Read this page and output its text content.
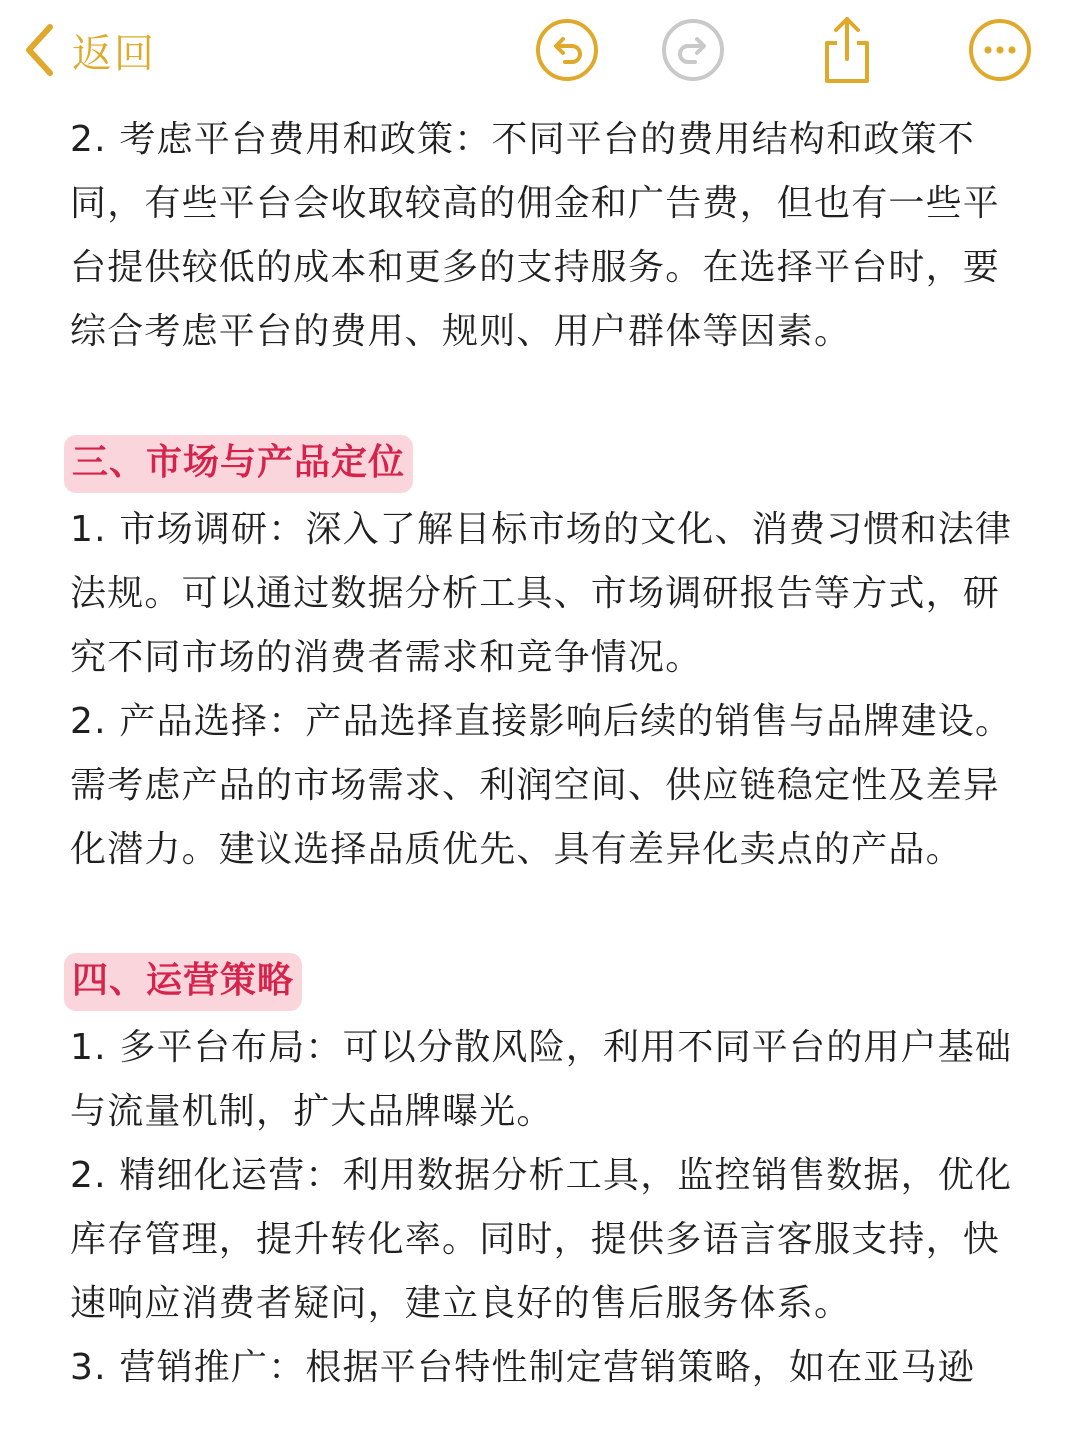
返回

2. 考虑平台费用和政策：不同平台的费用结构和政策不同，有些平台会收取较高的佣金和广告费，但也有一些平台提供较低的成本和更多的支持服务。在选择平台时，要综合考虑平台的费用、规则、用户群体等因素。

三、市场与产品定位

1. 市场调研：深入了解目标市场的文化、消费习惯和法律法规。可以通过数据分析工具、市场调研报告等方式，研究不同市场的消费者需求和竞争情况。

2. 产品选择：产品选择直接影响后续的销售与品牌建设。需考虑产品的市场需求、利润空间、供应链稳定性及差异化潜力。建议选择品质优先、具有差异化卖点的产品。

四、运营策略

1. 多平台布局：可以分散风险，利用不同平台的用户基础与流量机制，扩大品牌曝光。

2. 精细化运营：利用数据分析工具，监控销售数据，优化库存管理，提升转化率。同时，提供多语言客服支持，快速响应消费者疑问，建立良好的售后服务体系。

3. 营销推广：根据平台特性制定营销策略，如在亚马逊
